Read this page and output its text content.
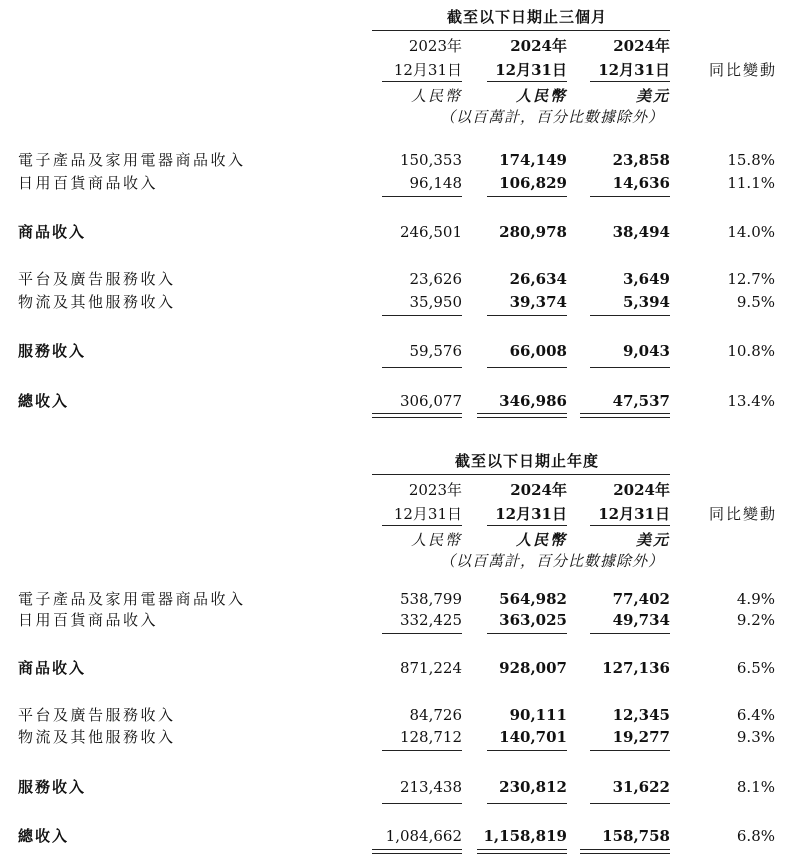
截至以下日期止三個月
2023年	2024年	2024年
12月31日	12月31日	12月31日	同比變動
人民幣	人民幣	美元
（以百萬計，百分比數據除外）
電子產品及家用電器商品收入	150,353	174,149	23,858	15.8%
日用百貨商品收入	96,148	106,829	14,636	11.1%
商品收入	246,501	280,978	38,494	14.0%
平台及廣告服務收入	23,626	26,634	3,649	12.7%
物流及其他服務收入	35,950	39,374	5,394	9.5%
服務收入	59,576	66,008	9,043	10.8%
總收入	306,077	346,986	47,537	13.4%
截至以下日期止年度
2023年	2024年	2024年
12月31日	12月31日	12月31日	同比變動
人民幣	人民幣	美元
（以百萬計，百分比數據除外）
電子產品及家用電器商品收入	538,799	564,982	77,402	4.9%
日用百貨商品收入	332,425	363,025	49,734	9.2%
商品收入	871,224	928,007	127,136	6.5%
平台及廣告服務收入	84,726	90,111	12,345	6.4%
物流及其他服務收入	128,712	140,701	19,277	9.3%
服務收入	213,438	230,812	31,622	8.1%
總收入	1,084,662	1,158,819	158,758	6.8%
